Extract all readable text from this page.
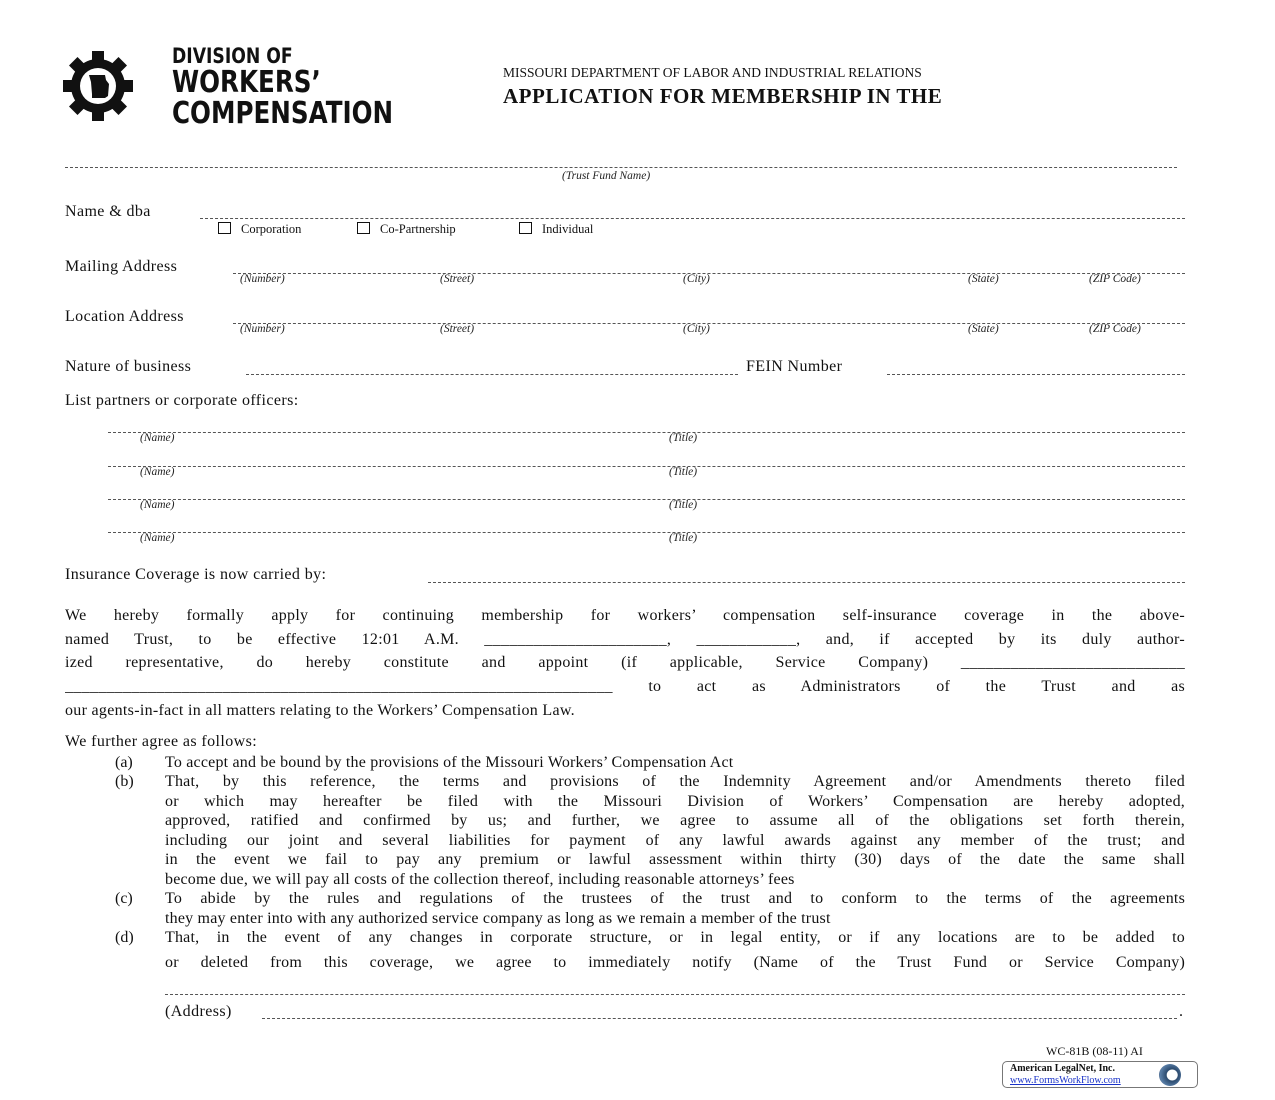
DIVISION OF
WORKERS’
COMPENSATION
MISSOURI DEPARTMENT OF LABOR AND INDUSTRIAL RELATIONS
APPLICATION FOR MEMBERSHIP IN THE
(Trust Fund Name)
Name & dba
Corporation	Co-Partnership	Individual
Mailing Address
(Number)	(Street)	(City)	(State)	(ZIP Code)
Location Address
(Number)	(Street)	(City)	(State)	(ZIP Code)
Nature of business	FEIN Number
List partners or corporate officers:
(Name)	(Title)
(Name)	(Title)
(Name)	(Title)
(Name)	(Title)
Insurance Coverage is now carried by:
We hereby formally apply for continuing membership for workers’ compensation self-insurance coverage in the above-
named Trust, to be effective 12:01 A.M. ______________________, ____________, and, if accepted by its duly author-
ized representative, do hereby constitute and appoint (if applicable, Service Company) ___________________________
__________________________________________________________________ to act as Administrators of the Trust and as
our agents-in-fact in all matters relating to the Workers’ Compensation Law.
We further agree as follows:
(a) To accept and be bound by the provisions of the Missouri Workers’ Compensation Act
(b) That, by this reference, the terms and provisions of the Indemnity Agreement and/or Amendments thereto filed
or which may hereafter be filed with the Missouri Division of Workers’ Compensation are hereby adopted,
approved, ratified and confirmed by us; and further, we agree to assume all of the obligations set forth therein,
including our joint and several liabilities for payment of any lawful awards against any member of the trust; and
in the event we fail to pay any premium or lawful assessment within thirty (30) days of the date the same shall
become due, we will pay all costs of the collection thereof, including reasonable attorneys’ fees
(c) To abide by the rules and regulations of the trustees of the trust and to conform to the terms of the agreements
they may enter into with any authorized service company as long as we remain a member of the trust
(d) That, in the event of any changes in corporate structure, or in legal entity, or if any locations are to be added to
or deleted from this coverage, we agree to immediately notify (Name of the Trust Fund or Service Company)
(Address)	.
WC-81B (08-11) AI
American LegalNet, Inc.
www.FormsWorkFlow.com
